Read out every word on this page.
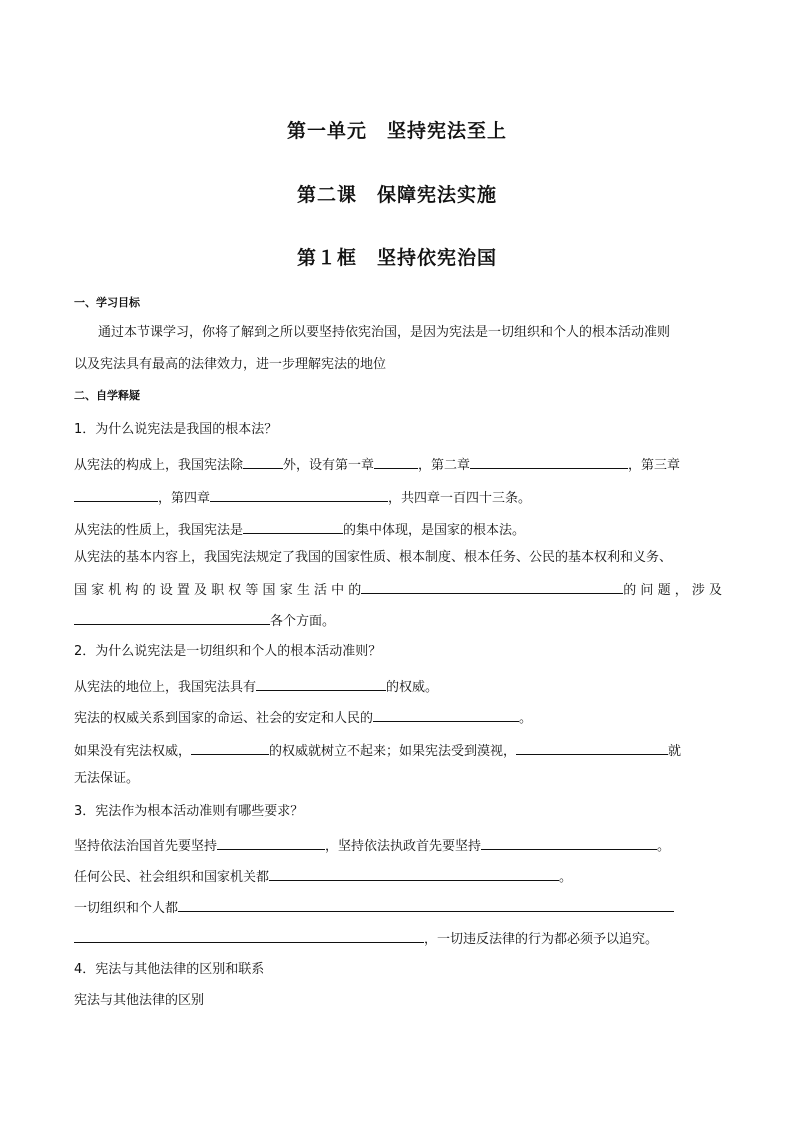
第一单元　坚持宪法至上
第二课　保障宪法实施
第１框　坚持依宪治国
一、学习目标
通过本节课学习，你将了解到之所以要坚持依宪治国，是因为宪法是一切组织和个人的根本活动准则
以及宪法具有最高的法律效力，进一步理解宪法的地位
二、自学释疑
1．为什么说宪法是我国的根本法？
从宪法的构成上，我国宪法除	外，设有第一章	，第二章	，第三章
，第四章	，共四章一百四十三条。
从宪法的性质上，我国宪法是	的集中体现，是国家的根本法。
从宪法的基本内容上，我国宪法规定了我国的国家性质、根本制度、根本任务、公民的基本权利和义务、
国 家 机 构 的 设 置 及 职 权 等 国 家 生 活 中 的	的 问 题 ， 涉 及
各个方面。
2．为什么说宪法是一切组织和个人的根本活动准则？
从宪法的地位上，我国宪法具有	的权威。
宪法的权威关系到国家的命运、社会的安定和人民的	。
如果没有宪法权威，	的权威就树立不起来；如果宪法受到漠视，	就
无法保证。
3．宪法作为根本活动准则有哪些要求？
坚持依法治国首先要坚持	，坚持依法执政首先要坚持	。
任何公民、社会组织和国家机关都	。
一切组织和个人都
，一切违反法律的行为都必须予以追究。
4．宪法与其他法律的区别和联系
宪法与其他法律的区别
